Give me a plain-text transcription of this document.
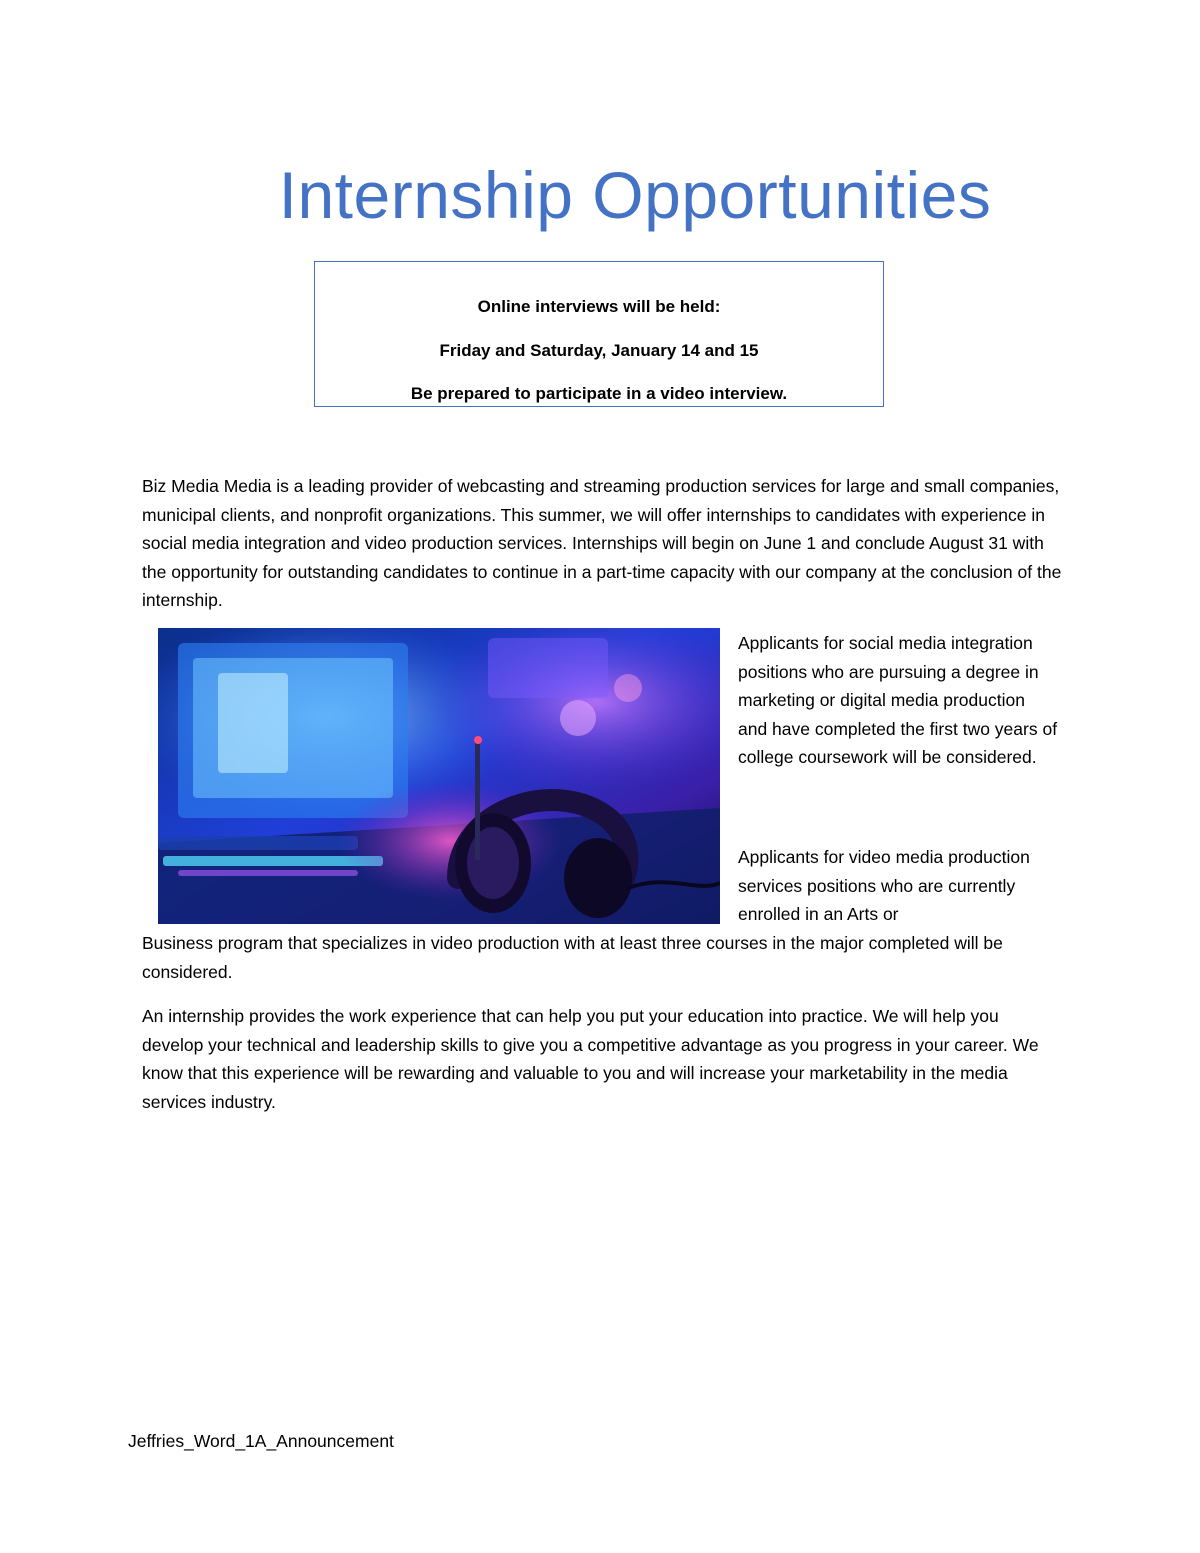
Internship Opportunities
Online interviews will be held:
Friday and Saturday, January 14 and 15
Be prepared to participate in a video interview.
Biz Media Media is a leading provider of webcasting and streaming production services for large and small companies, municipal clients, and nonprofit organizations. This summer, we will offer internships to candidates with experience in social media integration and video production services. Internships will begin on June 1 and conclude August 31 with the opportunity for outstanding candidates to continue in a part-time capacity with our company at the conclusion of the internship.
Applicants for social media integration positions who are pursuing a degree in marketing or digital media production and have completed the first two years of college coursework will be considered.
Applicants for video media production services positions who are currently enrolled in an Arts or
Business program that specializes in video production with at least three courses in the major completed will be considered.
An internship provides the work experience that can help you put your education into practice. We will help you develop your technical and leadership skills to give you a competitive advantage as you progress in your career. We know that this experience will be rewarding and valuable to you and will increase your marketability in the media services industry.
Jeffries_Word_1A_Announcement
